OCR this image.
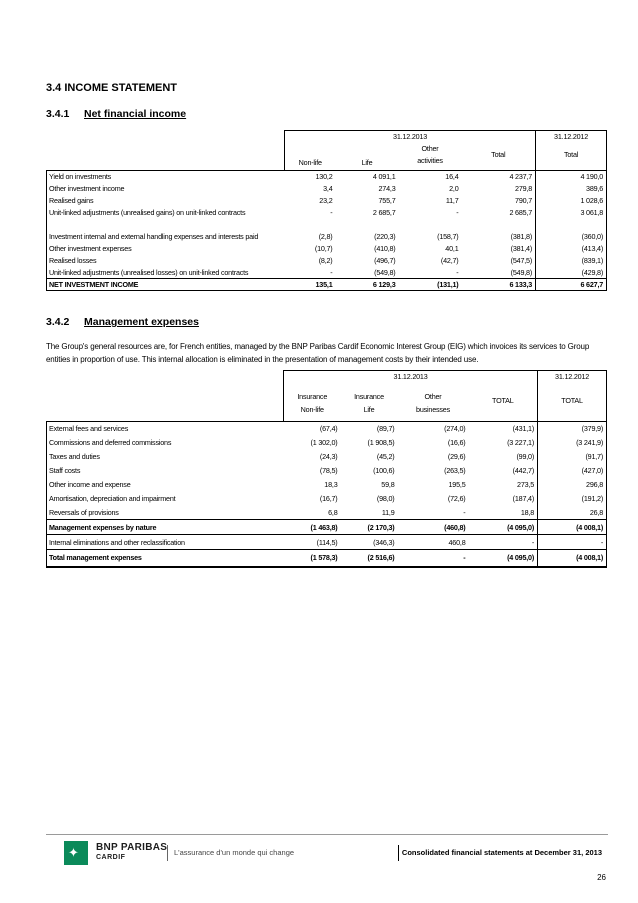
3.4 INCOME STATEMENT
3.4.1 Net financial income
	31.12.2013				31.12.2012
	Non-life	Life	Other	Total	Total
			activities		

Yield on investments	130,2	4 091,1	16,4	4 237,7	4 190,0
Other investment income	3,4	274,3	2,0	279,8	389,6
Realised gains	23,2	755,7	11,7	790,7	1 028,6
Unit-linked adjustments (unrealised gains) on unit-linked contracts	-	2 685,7	-	2 685,7	3 061,8

Investment internal and external handling expenses and interests paid	(2,8)	(220,3)	(158,7)	(381,8)	(360,0)
Other investment expenses	(10,7)	(410,8)	40,1	(381,4)	(413,4)
Realised losses	(8,2)	(496,7)	(42,7)	(547,5)	(839,1)
Unit-linked adjustments (unrealised losses) on unit-linked contracts	-	(549,8)	-	(549,8)	(429,8)
NET INVESTMENT INCOME	135,1	6 129,3	(131,1)	6 133,3	6 627,7
3.4.2 Management expenses
The Group's general resources are, for French entities, managed by the BNP Paribas Cardif Economic Interest Group (EIG) which invoices its services to Group entities in proportion of use. This internal allocation is eliminated in the presentation of management costs by their intended use.
	31.12.2013				31.12.2012
	Insurance	Insurance	Other	TOTAL	TOTAL
	Non-life	Life	businesses		

External fees and services	(67,4)	(89,7)	(274,0)	(431,1)	(379,9)
Commissions and deferred commissions	(1 302,0)	(1 908,5)	(16,6)	(3 227,1)	(3 241,9)
Taxes and duties	(24,3)	(45,2)	(29,6)	(99,0)	(91,7)
Staff costs	(78,5)	(100,6)	(263,5)	(442,7)	(427,0)
Other income and expense	18,3	59,8	195,5	273,5	296,8
Amortisation, depreciation and impairment	(16,7)	(98,0)	(72,6)	(187,4)	(191,2)
Reversals of provisions	6,8	11,9	-	18,8	26,8
Management expenses by nature	(1 463,8)	(2 170,3)	(460,8)	(4 095,0)	(4 008,1)
Internal eliminations and other reclassification	(114,5)	(346,3)	460,8	-	-
Total management expenses	(1 578,3)	(2 516,6)	-	(4 095,0)	(4 008,1)
✦ BNP PARIBAS
CARDIF
L'assurance d'un monde qui change	Consolidated financial statements at December 31, 2013
26
